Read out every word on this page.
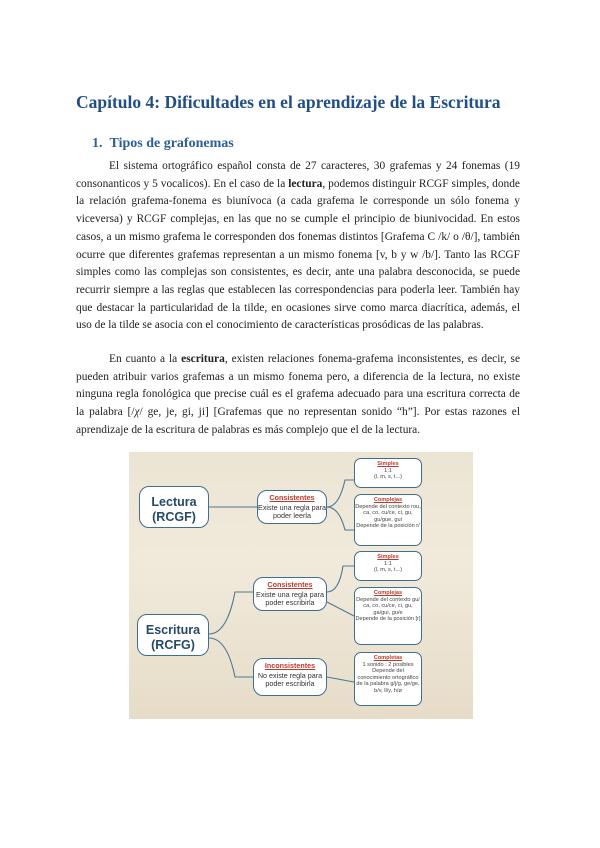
Capítulo 4: Dificultades en el aprendizaje de la Escritura
1. Tipos de grafonemas

El sistema ortográfico español consta de 27 caracteres, 30 grafemas y 24 fonemas (19 consonanticos y 5 vocalicos). En el caso de la lectura, podemos distinguir RCGF simples, donde la relación grafema-fonema es biunívoca (a cada grafema le corresponde un sólo fonema y viceversa) y RCGF complejas, en las que no se cumple el principio de biunivocidad. En estos casos, a un mismo grafema le corresponden dos fonemas distintos [Grafema C /k/ o /θ/], también ocurre que diferentes grafemas representan a un mismo fonema [v, b y w /b/]. Tanto las RCGF simples como las complejas son consistentes, es decir, ante una palabra desconocida, se puede recurrir siempre a las reglas que establecen las correspondencias para poderla leer. También hay que destacar la particularidad de la tilde, en ocasiones sirve como marca diacrítica, además, el uso de la tilde se asocia con el conocimiento de características prosódicas de las palabras.

En cuanto a la escritura, existen relaciones fonema-grafema inconsistentes, es decir, se pueden atribuir varios grafemas a un mismo fonema pero, a diferencia de la lectura, no existe ninguna regla fonológica que precise cuál es el grafema adecuado para una escritura correcta de la palabra [/χ/ ge, je, gi, ji] [Grafemas que no representan sonido “h”]. Por estas razones el aprendizaje de la escritura de palabras es más complejo que el de la lectura.

Lectura
(RCGF)
Escritura
(RCFG)
Consistentes
Existe una regla para poder leerla
Simples
1:1
(l, m, s, t...)
Complejas
Depende del contexto rou, ca, co, cu/ce, ci, gu, gu/gue, gui
Depende de la posición r/
Consistentes
Existe una regla para poder escribirla
Simples
1:1
(l, m, s, t...)
Complejas
Depende del contexto gu/ ca, co, cu/ce, ci, gu, ga/gui, gu/e
Depende de la posición [r]
Inconsistentes
No existe regla para poder escribirla
Completas
1 sonido : 2 posibles Depende del conocimiento ortográfico de la palabra g/j/g, ge/ge, b/v, ll/y, h/ø
